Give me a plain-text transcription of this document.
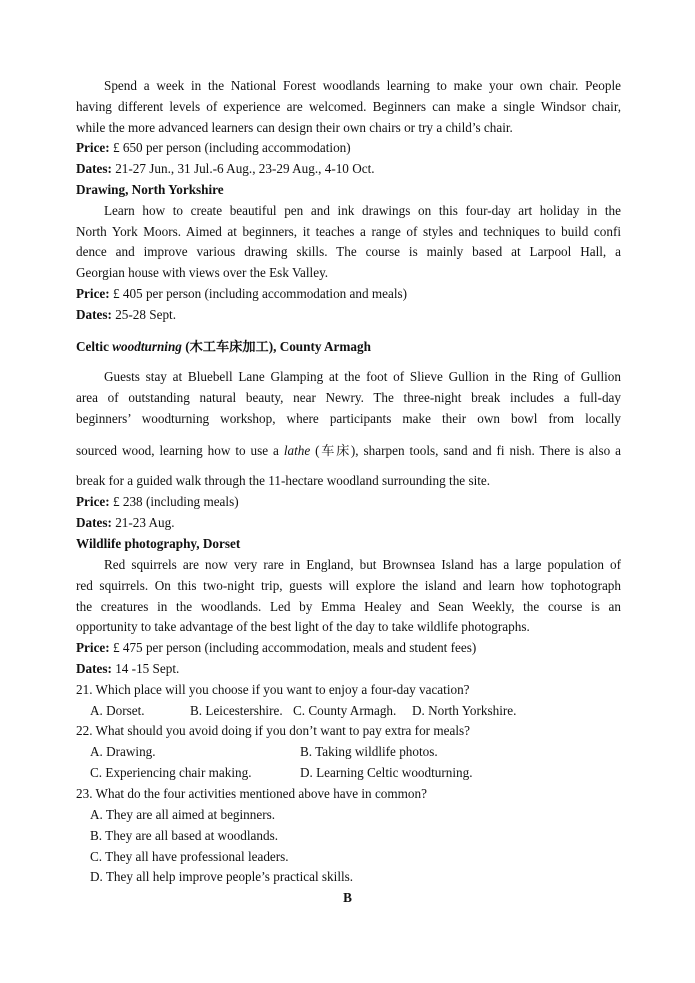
Spend a week in the National Forest woodlands learning to make your own chair. People
having different levels of experience are welcomed. Beginners can make a single Windsor chair,
while the more advanced learners can design their own chairs or try a child’s chair.
Price: £ 650 per person (including accommodation)
Dates: 21-27 Jun., 31 Jul.-6 Aug., 23-29 Aug., 4-10 Oct.
Drawing, North Yorkshire
Learn how to create beautiful pen and ink drawings on this four-day art holiday in the
North York Moors. Aimed at beginners, it teaches a range of styles and techniques to build confi
dence and improve various drawing skills. The course is mainly based at Larpool Hall, a
Georgian house with views over the Esk Valley.
Price: £ 405 per person (including accommodation and meals)
Dates: 25-28 Sept.
Celtic woodturning (木工车床加工), County Armagh
Guests stay at Bluebell Lane Glamping at the foot of Slieve Gullion in the Ring of Gullion
area of outstanding natural beauty, near Newry. The three-night break includes a full-day
beginners’ woodturning workshop, where participants make their own bowl from locally
sourced wood, learning how to use a lathe (车床), sharpen tools, sand and fi nish. There is also a
break for a guided walk through the 11-hectare woodland surrounding the site.
Price: £ 238 (including meals)
Dates: 21-23 Aug.
Wildlife photography, Dorset
Red squirrels are now very rare in England, but Brownsea Island has a large population of
red squirrels. On this two-night trip, guests will explore the island and learn how tophotograph
the creatures in the woodlands. Led by Emma Healey and Sean Weekly, the course is an
opportunity to take advantage of the best light of the day to take wildlife photographs.
Price: £ 475 per person (including accommodation, meals and student fees)
Dates: 14 -15 Sept.
21. Which place will you choose if you want to enjoy a four-day vacation?
A. Dorset.	B. Leicestershire. C. County Armagh. D. North Yorkshire.
22. What should you avoid doing if you don’t want to pay extra for meals?
A. Drawing.	B. Taking wildlife photos.
C. Experiencing chair making.	D. Learning Celtic woodturning.
23. What do the four activities mentioned above have in common?
A. They are all aimed at beginners.
B. They are all based at woodlands.
C. They all have professional leaders.
D. They all help improve people’s practical skills.
B
